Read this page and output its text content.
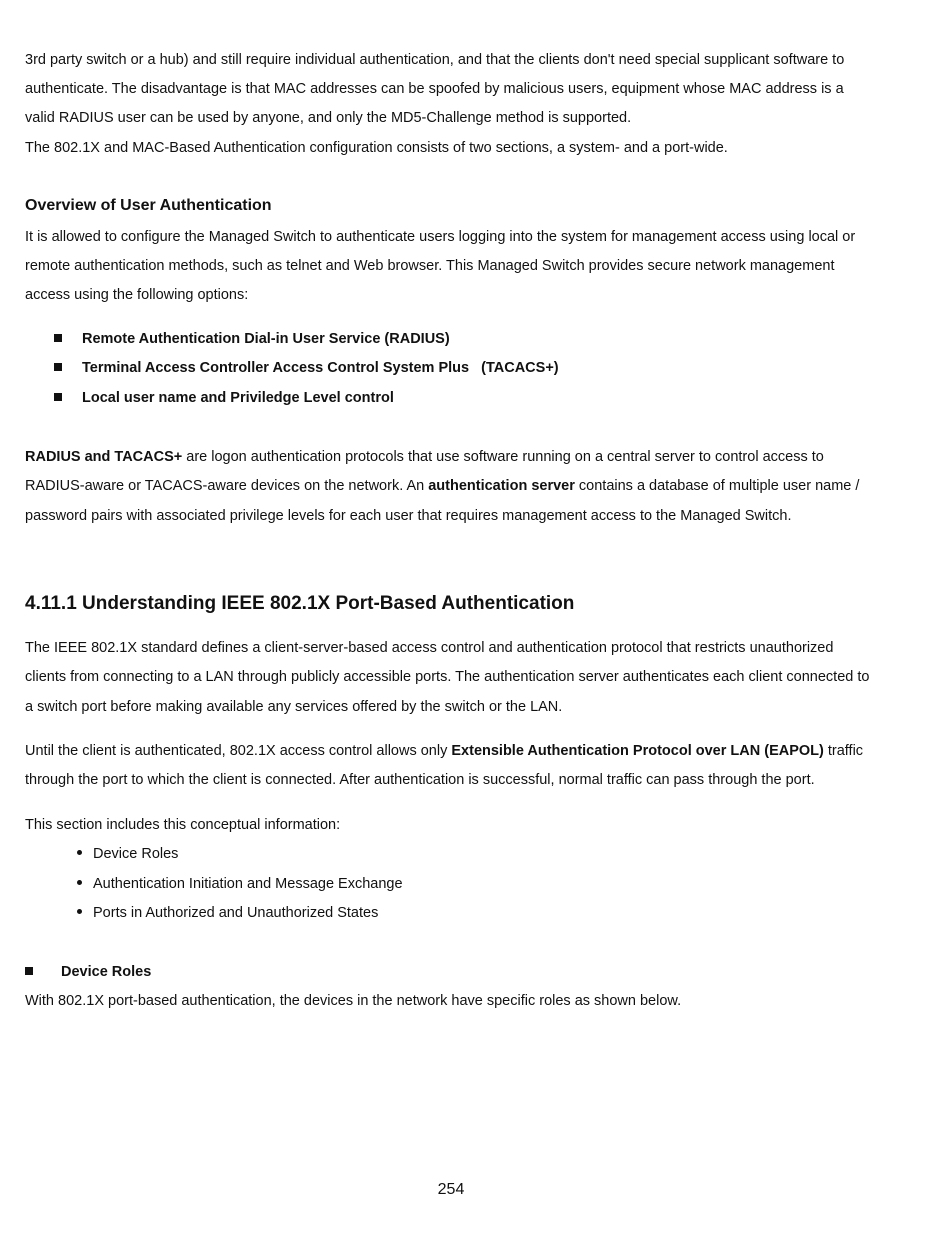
3rd party switch or a hub) and still require individual authentication, and that the clients don't need special supplicant software to
authenticate. The disadvantage is that MAC addresses can be spoofed by malicious users, equipment whose MAC address is a
valid RADIUS user can be used by anyone, and only the MD5-Challenge method is supported.
The 802.1X and MAC-Based Authentication configuration consists of two sections, a system- and a port-wide.
Overview of User Authentication
It is allowed to configure the Managed Switch to authenticate users logging into the system for management access using local or
remote authentication methods, such as telnet and Web browser. This Managed Switch provides secure network management
access using the following options:
Remote Authentication Dial-in User Service (RADIUS)
Terminal Access Controller Access Control System Plus   (TACACS+)
Local user name and Priviledge Level control
RADIUS and TACACS+ are logon authentication protocols that use software running on a central server to control access to
RADIUS-aware or TACACS-aware devices on the network. An authentication server contains a database of multiple user name /
password pairs with associated privilege levels for each user that requires management access to the Managed Switch.
4.11.1 Understanding IEEE 802.1X Port-Based Authentication
The IEEE 802.1X standard defines a client-server-based access control and authentication protocol that restricts unauthorized
clients from connecting to a LAN through publicly accessible ports. The authentication server authenticates each client connected to
a switch port before making available any services offered by the switch or the LAN.
Until the client is authenticated, 802.1X access control allows only Extensible Authentication Protocol over LAN (EAPOL) traffic
through the port to which the client is connected. After authentication is successful, normal traffic can pass through the port.
This section includes this conceptual information:
Device Roles
Authentication Initiation and Message Exchange
Ports in Authorized and Unauthorized States
Device Roles
With 802.1X port-based authentication, the devices in the network have specific roles as shown below.
254
